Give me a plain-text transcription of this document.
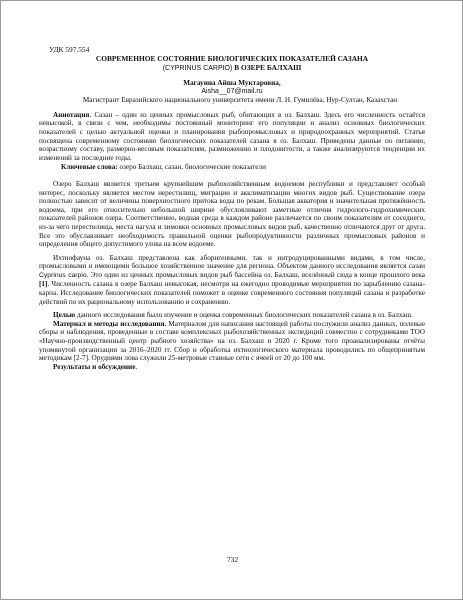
УДК 597.554
СОВРЕМЕННОЕ СОСТОЯНИЕ БИОЛОГИЧЕСКИХ ПОКАЗАТЕЛЕЙ САЗАНА
(CYPRINUS CARPIO) В ОЗЕРЕ БАЛХАШ
Магаунна Айша Муктаровна,
Aisha__07@mail.ru
Магистрант Евразийского национального университета имени Л. Н. Гумилёва, Нур-Султан, Казахстан
Аннотация. Сазан – один из ценных промысловых рыб, обитающих в оз. Балхаш. Здесь его численность остаётся невысокой, в связи с чем, необходимы постоянный мониторинг его популяции и анализ основных биологических показателей с целью актуальной оценки и планирования рыбопромысловых и природоохранных мероприятий. Статья посвящена современному состоянию биологических показателей сазана в оз. Балхаш. Приведены данные по питанию, возрастному составу, размерно-весовым показателям, размножению и плодовитости, а также анализируются тенденции их изменений за последние годы.
Ключевые слова: озеро Балхаш, сазан, биологические показатели

Озеро Балхаш является третьим крупнейшим рыбохозяйственным водоемом республики и представляет особый интерес, поскольку является местом нерестилищ, миграции и акклиматизации многих видов рыб. Существование озера полностью зависит от величины поверхностного притока воды по рекам. Большая акватория и значительная протяжённость водоема, при его относительно небольшой ширине обусловливают заметные отличия гидролого-гидрохимических показателей районов озера. Соответственно, водная среда в каждом районе различается по своим показателям от соседнего, из-за чего перестилища, места нагула и зимовки основных промысловых видов рыб, качественно отличаются друг от друга. Все это обуславливает необходимость правильной оценки рыбопродуктивности различных промысловых районов и определения общего допустимого улова на всем водоеме.

Ихтиофауна оз. Балхаш представлена как аборигенными, так и интродуцированными видами, в том числе, промысловыми и имеющими большое хозяйственное значение для региона. Объектом данного исследования является сазан Cyprinus carpio. Это один из ценных промысловых видов рыб бассейна оз. Балхаш, вселённый сюда в конце прошлого века [1]. Численность сазана в озере Балхаш невысокая, несмотря на ежегодно проводимые мероприятия по зарыблению сазана-карпа. Исследование биологических показателей поможет в оценке современного состояния популяций сазана и разработке действий по их рациональному использованию и сохранению.

Целью данного исследования было изучение и оценка современных биологических показателей сазана в оз. Балхаш.

Материал и методы исследования. Материалом для написания настоящей работы послужили анализ данных, полевые сборы и наблюдения, проведенные в составе комплексных рыбохозяйственных экспедиций совместно с сотрудниками ТОО «Научно-производственный центр рыбного хозяйства» на оз. Балхаш в 2020 г. Кроме того проанализированы отчёты упомянутой организации за 2016–2020 гг. Сбор и обработка ихтиологического материала проводились по общепринятым методикам [2-7]. Орудиями лова служили 25-метровые ставные сети с ячеей от 20 до 100 мм.

Результаты и обсуждение.

732
